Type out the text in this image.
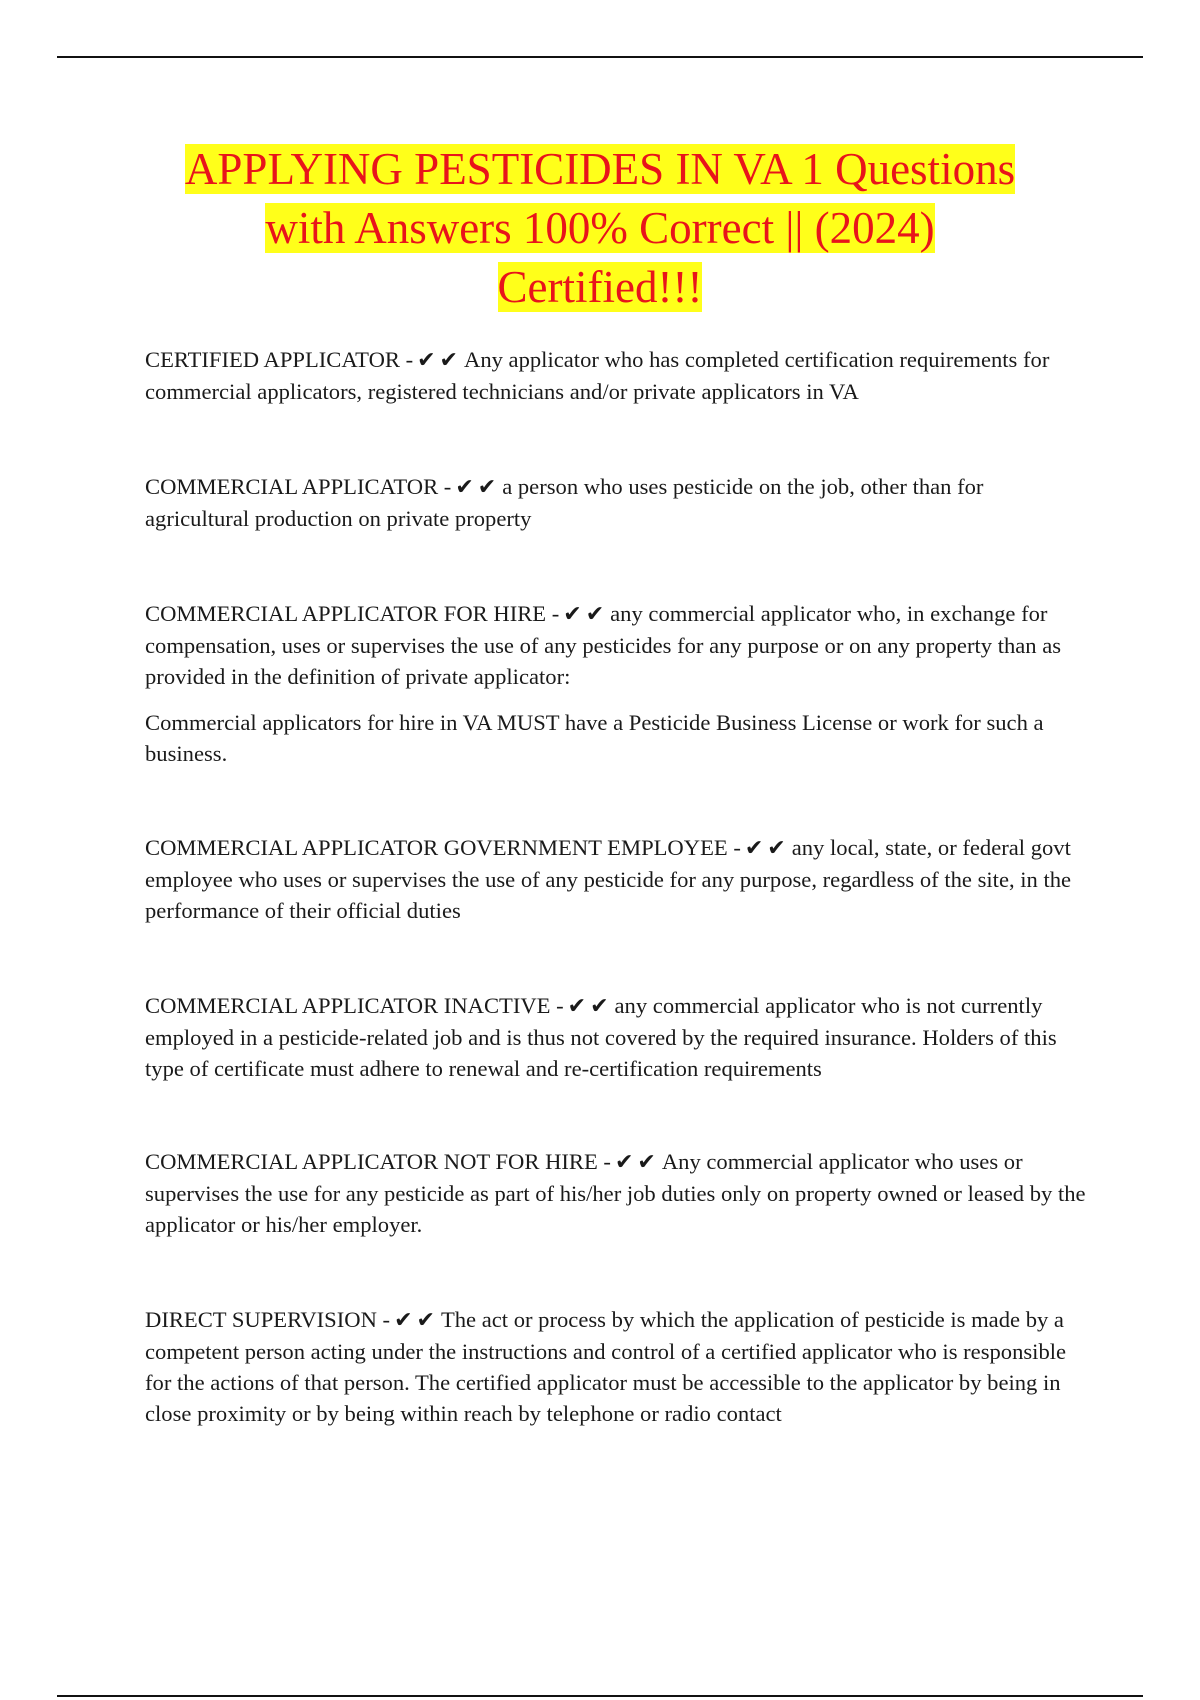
APPLYING PESTICIDES IN VA 1 Questions
with Answers 100% Correct || (2024)
Certified!!!

CERTIFIED APPLICATOR - ✔✔Any applicator who has completed certification requirements for commercial applicators, registered technicians and/or private applicators in VA

COMMERCIAL APPLICATOR - ✔✔a person who uses pesticide on the job, other than for agricultural production on private property

COMMERCIAL APPLICATOR FOR HIRE - ✔✔any commercial applicator who, in exchange for compensation, uses or supervises the use of any pesticides for any purpose or on any property than as provided in the definition of private applicator:

Commercial applicators for hire in VA MUST have a Pesticide Business License or work for such a business.

COMMERCIAL APPLICATOR GOVERNMENT EMPLOYEE - ✔✔any local, state, or federal govt employee who uses or supervises the use of any pesticide for any purpose, regardless of the site, in the performance of their official duties

COMMERCIAL APPLICATOR INACTIVE - ✔✔any commercial applicator who is not currently employed in a pesticide-related job and is thus not covered by the required insurance. Holders of this type of certificate must adhere to renewal and re-certification requirements

COMMERCIAL APPLICATOR NOT FOR HIRE - ✔✔Any commercial applicator who uses or supervises the use for any pesticide as part of his/her job duties only on property owned or leased by the applicator or his/her employer.

DIRECT SUPERVISION - ✔✔The act or process by which the application of pesticide is made by a competent person acting under the instructions and control of a certified applicator who is responsible for the actions of that person. The certified applicator must be accessible to the applicator by being in close proximity or by being within reach by telephone or radio contact
